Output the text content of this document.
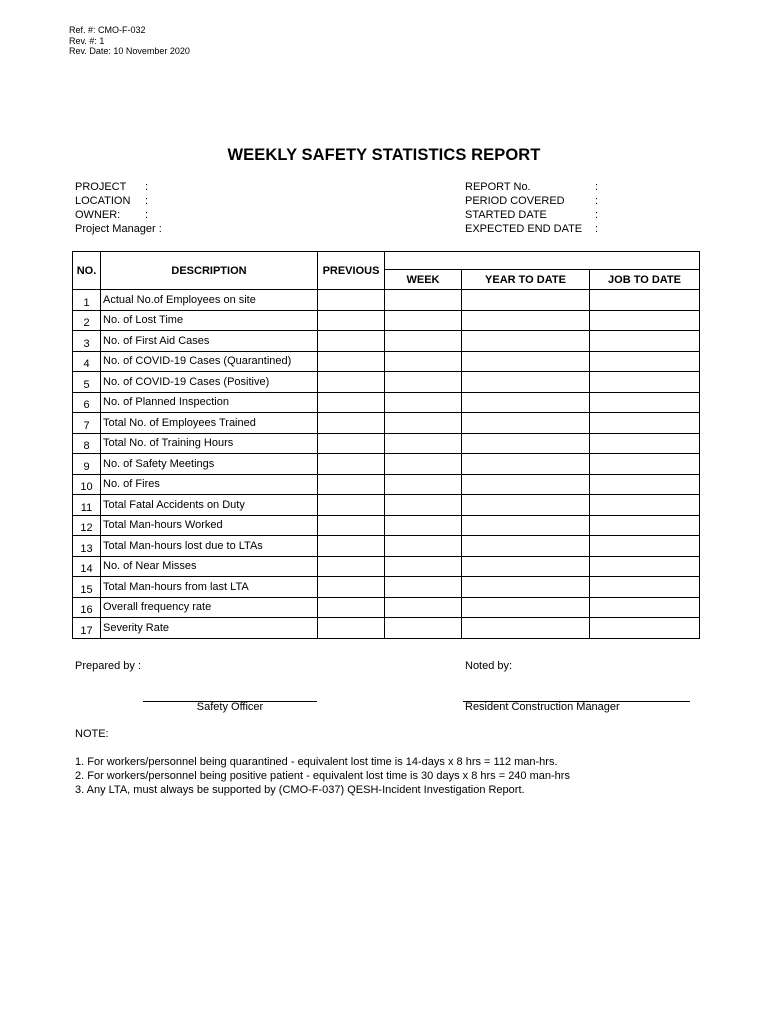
Ref. #: CMO-F-032
Rev. #: 1
Rev. Date: 10 November 2020
WEEKLY SAFETY STATISTICS REPORT
PROJECT :
LOCATION :
OWNER: :
Project Manager :
REPORT No.	:
PERIOD COVERED	:
STARTED DATE	:
EXPECTED END DATE :
NO.	DESCRIPTION	PREVIOUS			
			WEEK	YEAR TO DATE	JOB TO DATE
1	Actual No.of Employees on site				
2	No. of Lost Time				
3	No. of First Aid Cases				
4	No. of COVID-19 Cases (Quarantined)				
5	No. of COVID-19 Cases (Positive)				
6	No. of Planned Inspection				
7	Total No. of Employees Trained				
8	Total No. of Training Hours				
9	No. of Safety Meetings				
10	No. of Fires				
11	Total Fatal Accidents on Duty				
12	Total Man-hours Worked				
13	Total Man-hours lost due to LTAs				
14	No. of Near Misses				
15	Total Man-hours from last LTA				
16	Overall frequency rate				
17	Severity Rate				
Prepared by :	Noted by:
Safety Officer	Resident Construction Manager
NOTE:
1. For workers/personnel being quarantined - equivalent lost time is 14-days x 8 hrs = 112 man-hrs.
2. For workers/personnel being positive patient - equivalent lost time is 30 days x 8 hrs = 240 man-hrs
3. Any LTA, must always be supported by (CMO-F-037) QESH-Incident Investigation Report.
